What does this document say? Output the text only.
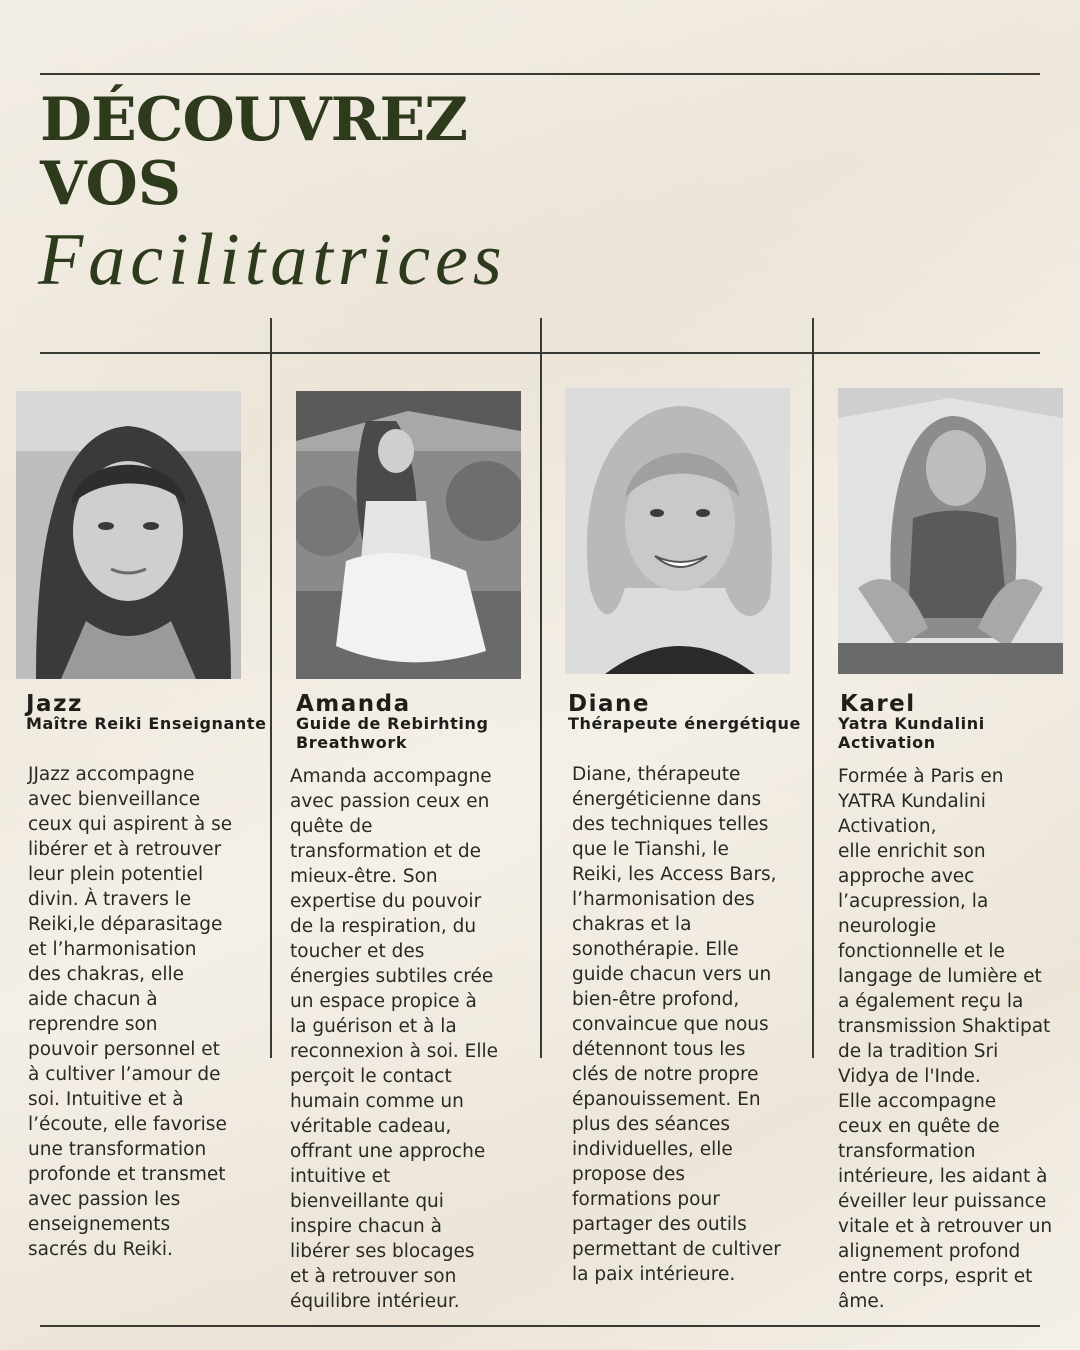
DÉCOUVREZ
VOS
Facilitatrices
Jazz
Maître Reiki Enseignante
JJazz accompagne
avec bienveillance
ceux qui aspirent à se
libérer et à retrouver
leur plein potentiel
divin. À travers le
Reiki,le déparasitage
et l’harmonisation
des chakras, elle
aide chacun à
reprendre son
pouvoir personnel et
à cultiver l’amour de
soi. Intuitive et à
l’écoute, elle favorise
une transformation
profonde et transmet
avec passion les
enseignements
sacrés du Reiki.
Amanda
Guide de Rebirhting
Breathwork
Amanda accompagne
avec passion ceux en
quête de
transformation et de
mieux-être. Son
expertise du pouvoir
de la respiration, du
toucher et des
énergies subtiles crée
un espace propice à
la guérison et à la
reconnexion à soi. Elle
perçoit le contact
humain comme un
véritable cadeau,
offrant une approche
intuitive et
bienveillante qui
inspire chacun à
libérer ses blocages
et à retrouver son
équilibre intérieur.
Diane
Thérapeute énergétique
Diane, thérapeute
énergéticienne dans
des techniques telles
que le Tianshi, le
Reiki, les Access Bars,
l’harmonisation des
chakras et la
sonothérapie. Elle
guide chacun vers un
bien-être profond,
convaincue que nous
détennont tous les
clés de notre propre
épanouissement. En
plus des séances
individuelles, elle
propose des
formations pour
partager des outils
permettant de cultiver
la paix intérieure.
Karel
Yatra Kundalini
Activation
Formée à Paris en
YATRA Kundalini
Activation,
elle enrichit son
approche avec
l’acupression, la
neurologie
fonctionnelle et le
langage de lumière et
a également reçu la
transmission Shaktipat
de la tradition Sri
Vidya de l'Inde.
Elle accompagne
ceux en quête de
transformation
intérieure, les aidant à
éveiller leur puissance
vitale et à retrouver un
alignement profond
entre corps, esprit et
âme.
